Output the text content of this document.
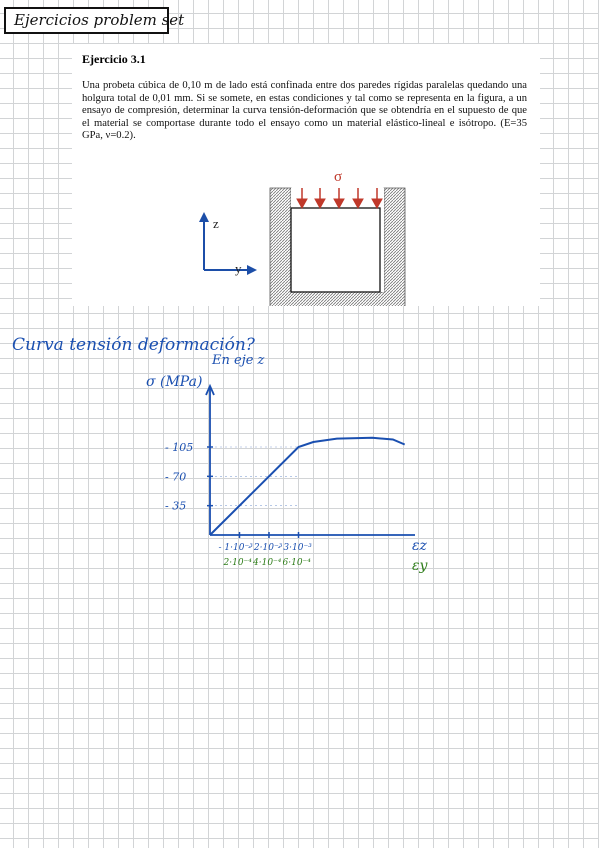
Ejercicios problem set
Ejercicio 3.1
Una probeta cúbica de 0,10 m de lado está confinada entre dos paredes rígidas paralelas quedando una holgura total de 0,01 mm. Si se somete, en estas condiciones y tal como se representa en la figura, a un ensayo de compresión, determinar la curva tensión-deformación que se obtendría en el supuesto de que el material se comportase durante todo el ensayo como un material elástico-lineal e isótropo. (E=35 GPa, ν=0.2).
z
y
σ
Curva tensión deformación?
En eje z
σ (MPa)
- 105
- 70
- 35
- 1·10⁻³
2·10⁻⁴
- 2·10⁻³
4·10⁻⁴
- 3·10⁻³
6·10⁻⁴
εz
εy
